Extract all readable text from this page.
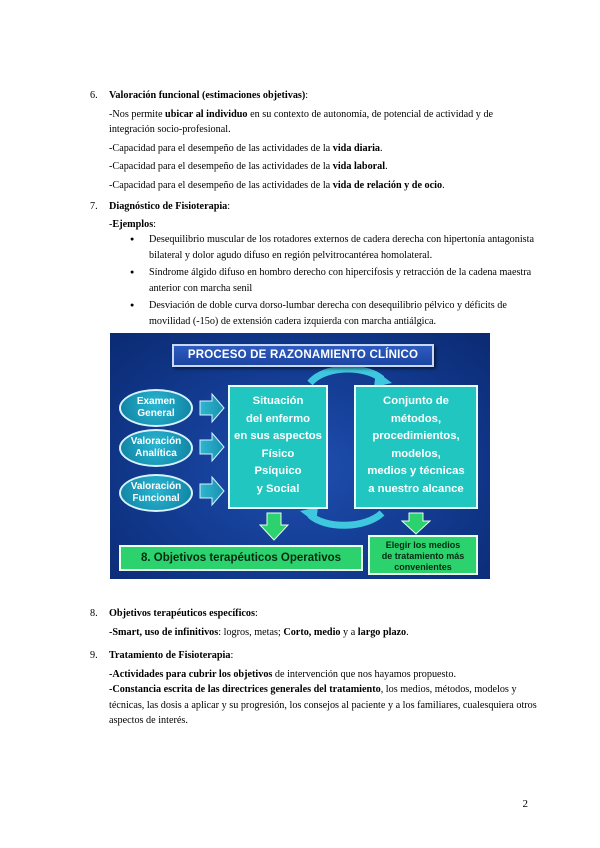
6.	Valoración funcional (estimaciones objetivas):
-Nos permite ubicar al individuo en su contexto de autonomía, de potencial de actividad y de integración socio-profesional.
-Capacidad para el desempeño de las actividades de la vida diaria.
-Capacidad para el desempeño de las actividades de la vida laboral.
-Capacidad para el desempeño de las actividades de la vida de relación y de ocio.
7.	Diagnóstico de Fisioterapia:
-Ejemplos:
● Desequilibrio muscular de los rotadores externos de cadera derecha con hipertonía antagonista bilateral y dolor agudo difuso en región pelvitrocantérea homolateral.
● Síndrome álgido difuso en hombro derecho con hipercifosis y retracción de la cadena maestra anterior con marcha senil
● Desviación de doble curva dorso-lumbar derecha con desequilibrio pélvico y déficits de movilidad (-15o) de extensión cadera izquierda con marcha antiálgica.
PROCESO DE RAZONAMIENTO CLÍNICO
Examen
General
Valoración
Analítica
Valoración
Funcional
Situación
del enfermo
en sus aspectos
Físico
Psíquico
y Social
Conjunto de
métodos,
procedimientos,
modelos,
medios y técnicas
a nuestro alcance
8. Objetivos terapéuticos Operativos
Elegir los medios
de tratamiento más
convenientes
8.	Objetivos terapéuticos específicos:
-Smart, uso de infinitivos: logros, metas; Corto, medio y a largo plazo.
9.	Tratamiento de Fisioterapia:
-Actividades para cubrir los objetivos de intervención que nos hayamos propuesto.
-Constancia escrita de las directrices generales del tratamiento, los medios, métodos, modelos y técnicas, las dosis a aplicar y su progresión, los consejos al paciente y a los familiares, cualesquiera otros aspectos de interés.
2
